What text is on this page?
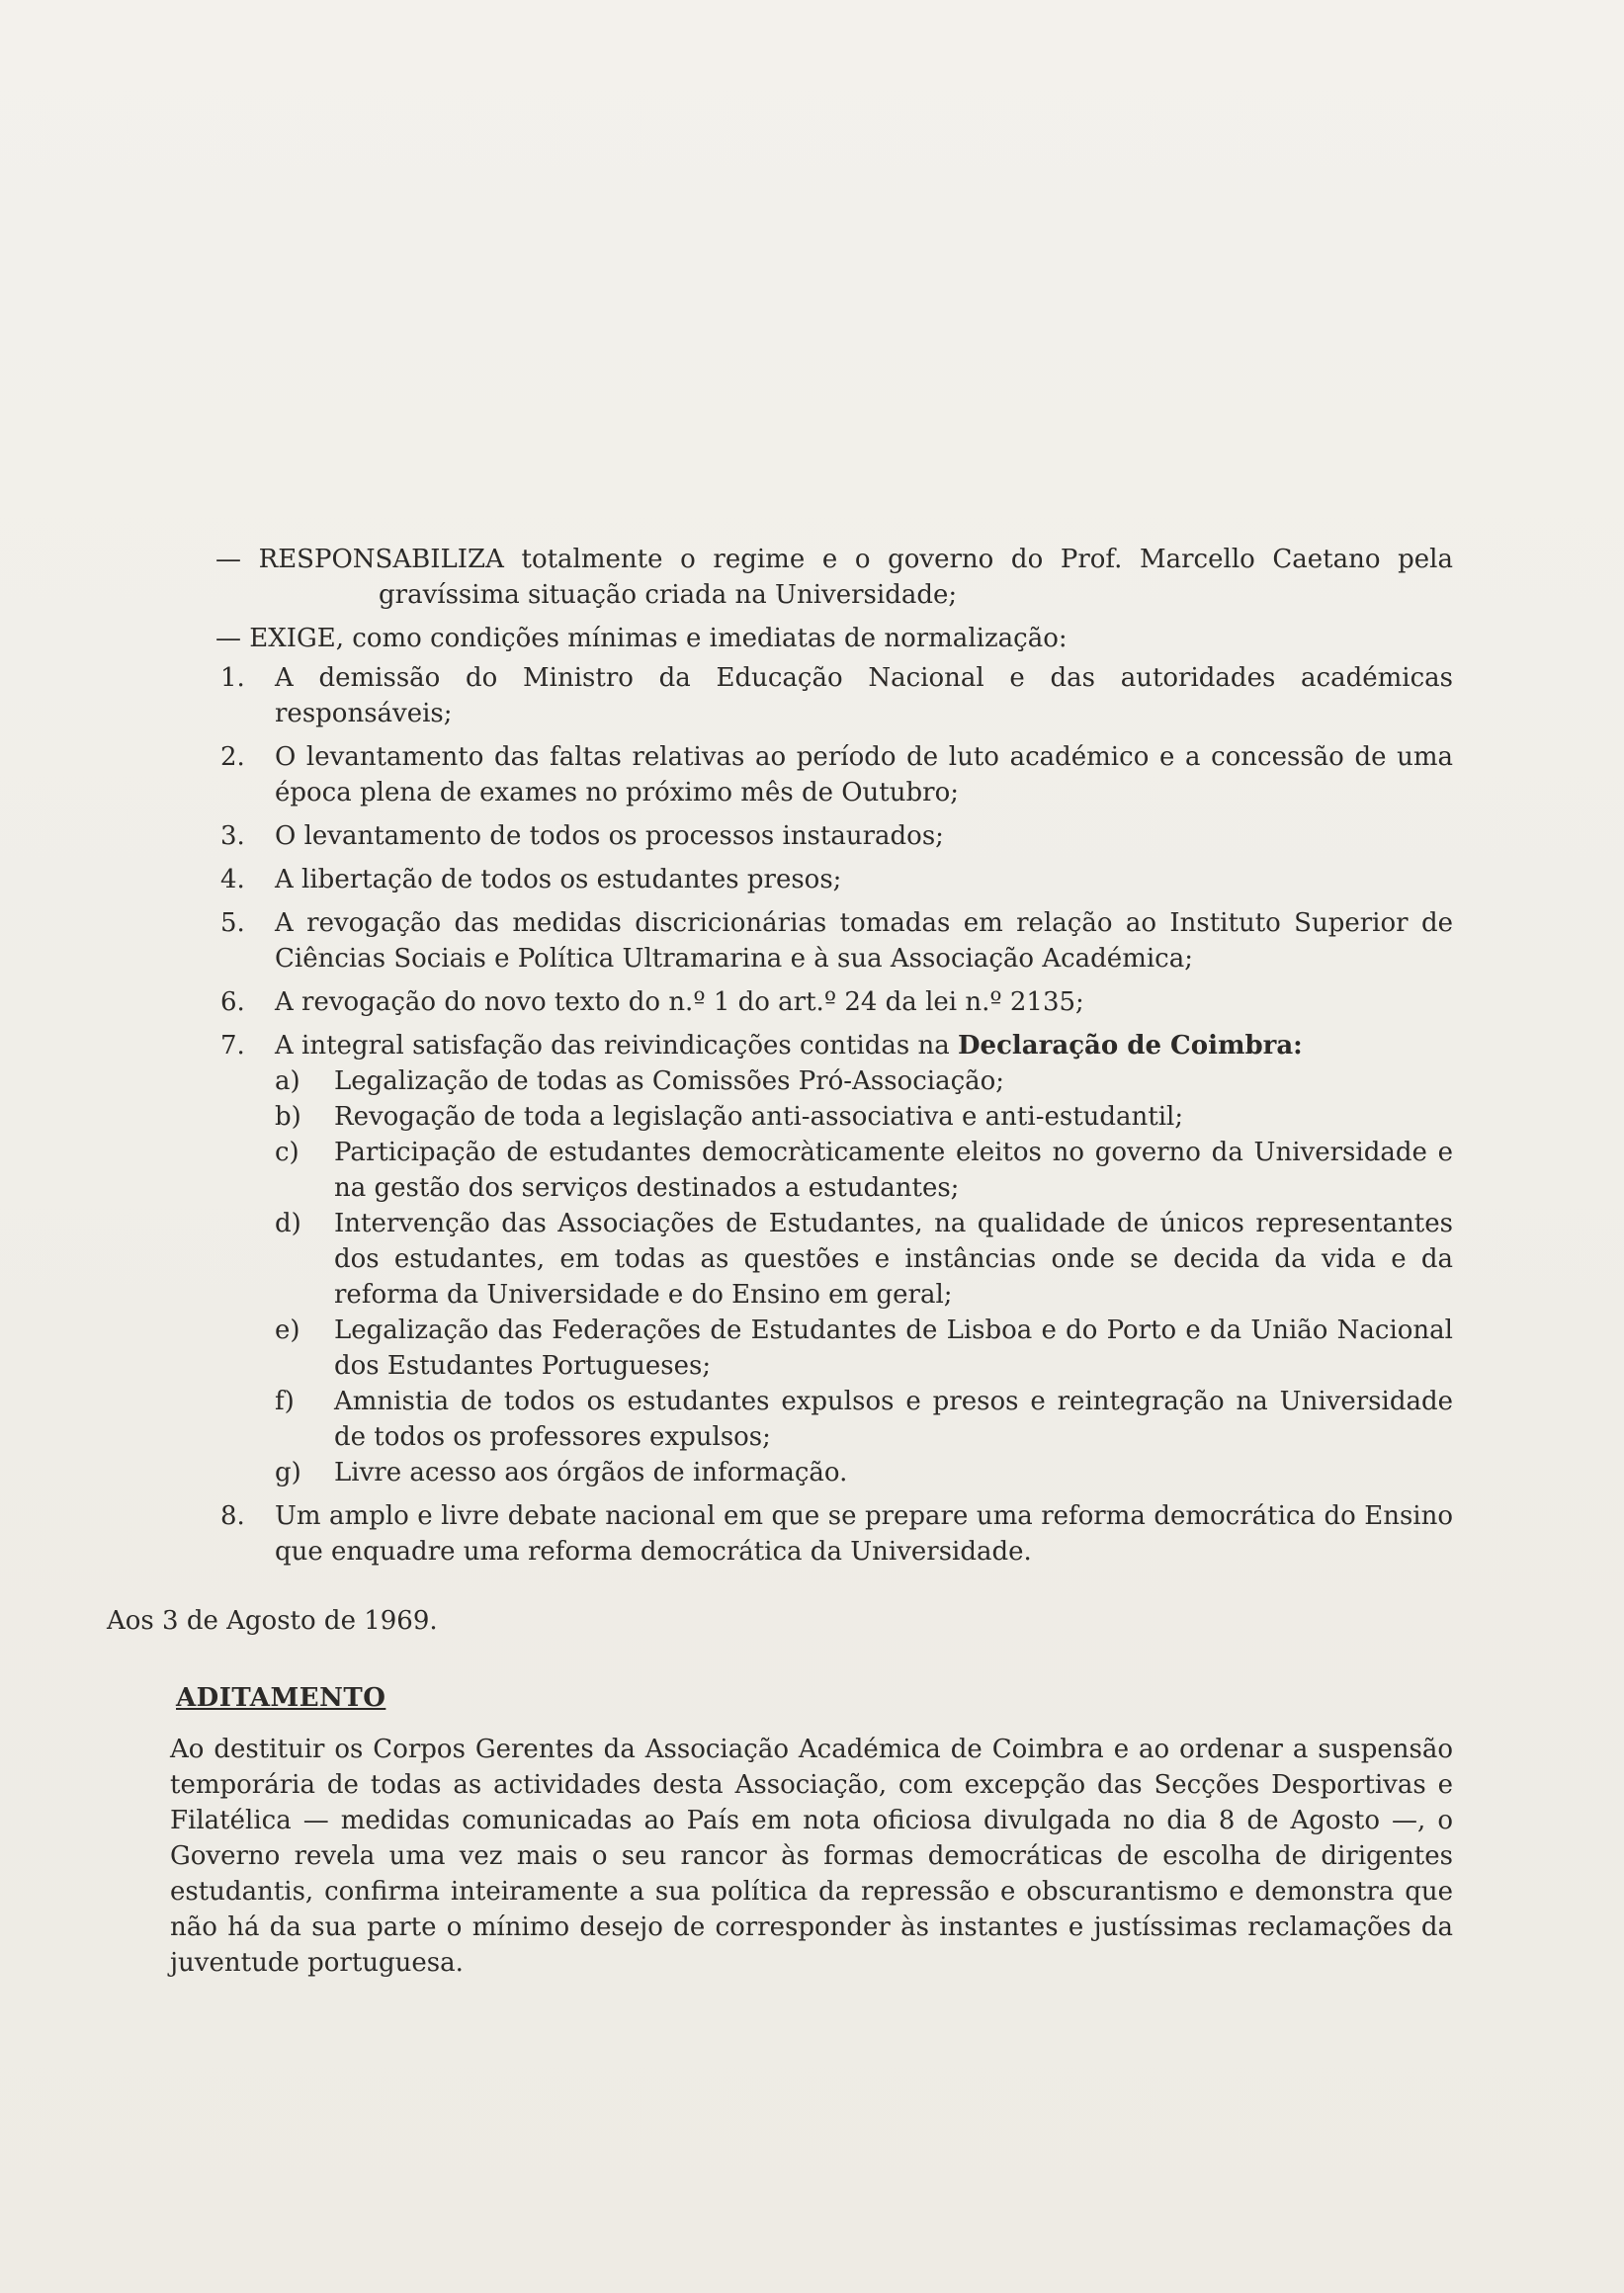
— RESPONSABILIZA totalmente o regime e o governo do Prof. Marcello Caetano pela gravíssima situação criada na Universidade;

— EXIGE, como condições mínimas e imediatas de normalização:

1.	A demissão do Ministro da Educação Nacional e das autoridades académicas responsáveis;
2.	O levantamento das faltas relativas ao período de luto académico e a concessão de uma época plena de exames no próximo mês de Outubro;
3.	O levantamento de todos os processos instaurados;
4.	A libertação de todos os estudantes presos;
5.	A revogação das medidas discricionárias tomadas em relação ao Instituto Superior de Ciências Sociais e Política Ultramarina e à sua Associação Académica;
6.	A revogação do novo texto do n.º 1 do art.º 24 da lei n.º 2135;
7.	A integral satisfação das reivindicações contidas na Declaração de Coimbra:
a)	Legalização de todas as Comissões Pró-Associação;
b)	Revogação de toda a legislação anti-associativa e anti-estudantil;
c)	Participação de estudantes democràticamente eleitos no governo da Universidade e na gestão dos serviços destinados a estudantes;
d)	Intervenção das Associações de Estudantes, na qualidade de únicos representantes dos estudantes, em todas as questões e instâncias onde se decida da vida e da reforma da Universidade e do Ensino em geral;
e)	Legalização das Federações de Estudantes de Lisboa e do Porto e da União Nacional dos Estudantes Portugueses;
f)	Amnistia de todos os estudantes expulsos e presos e reintegração na Universidade de todos os professores expulsos;
g)	Livre acesso aos órgãos de informação.
8.	Um amplo e livre debate nacional em que se prepare uma reforma democrática do Ensino que enquadre uma reforma democrática da Universidade.

Aos 3 de Agosto de 1969.

ADITAMENTO

Ao destituir os Corpos Gerentes da Associação Académica de Coimbra e ao ordenar a suspensão temporária de todas as actividades desta Associação, com excepção das Secções Desportivas e Filatélica — medidas comunicadas ao País em nota oficiosa divulgada no dia 8 de Agosto —, o Governo revela uma vez mais o seu rancor às formas democráticas de escolha de dirigentes estudantis, confirma inteiramente a sua política da repressão e obscurantismo e demonstra que não há da sua parte o mínimo desejo de corresponder às instantes e justíssimas reclamações da juventude portuguesa.
